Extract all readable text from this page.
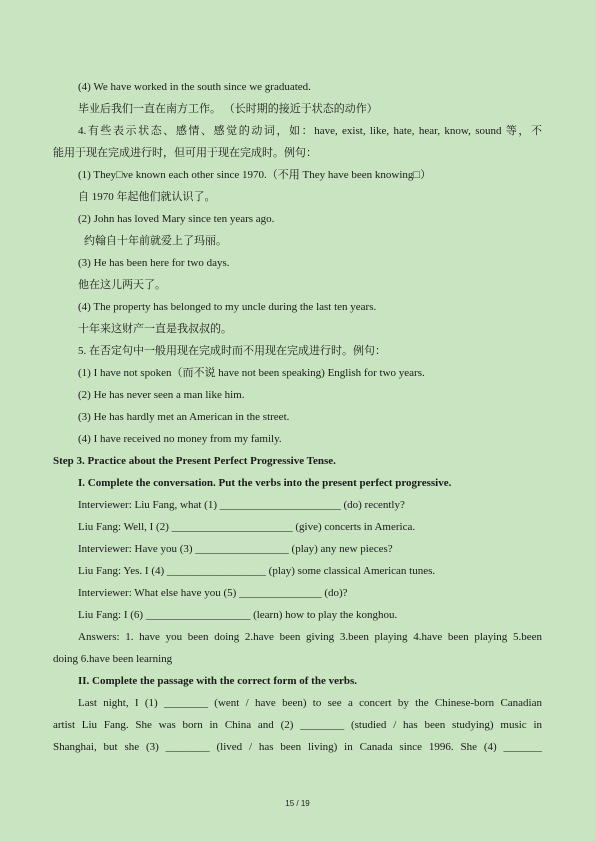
(4) We have worked in the south since we graduated.
毕业后我们一直在南方工作。 （长时期的接近于状态的动作）
4.有些表示状态、感情、感觉的动词，如：have, exist, like, hate, hear, know, sound 等，不
能用于现在完成进行时，但可用于现在完成时。例句：
(1) They□ve known each other since 1970.（不用 They have been knowing□）
自 1970 年起他们就认识了。
(2) John has loved Mary since ten years ago.
约翰自十年前就爱上了玛丽。
(3) He has been here for two days.
他在这儿两天了。
(4) The property has belonged to my uncle during the last ten years.
十年来这财产一直是我叔叔的。
5. 在否定句中一般用现在完成时而不用现在完成进行时。例句：
(1) I have not spoken（而不说 have not been speaking) English for two years.
(2) He has never seen a man like him.
(3) He has hardly met an American in the street.
(4) I have received no money from my family.
Step 3. Practice about the Present Perfect Progressive Tense.
I. Complete the conversation. Put the verbs into the present perfect progressive.
Interviewer: Liu Fang, what (1) ______________________ (do) recently?
Liu Fang: Well, I (2) ______________________ (give) concerts in America.
Interviewer: Have you (3) _________________ (play) any new pieces?
Liu Fang: Yes. I (4) __________________ (play) some classical American tunes.
Interviewer: What else have you (5) _______________ (do)?
Liu Fang: I (6) ___________________ (learn) how to play the konghou.
Answers: 1. have you been doing 2.have been giving 3.been playing 4.have been playing 5.been
doing 6.have been learning
II. Complete the passage with the correct form of the verbs.
Last night, I (1) ________ (went / have been) to see a concert by the Chinese-born Canadian
artist Liu Fang. She was born in China and (2) ________ (studied / has been studying) music in
Shanghai, but she (3) ________ (lived / has been living) in Canada since 1996. She (4) _______
15 / 19
